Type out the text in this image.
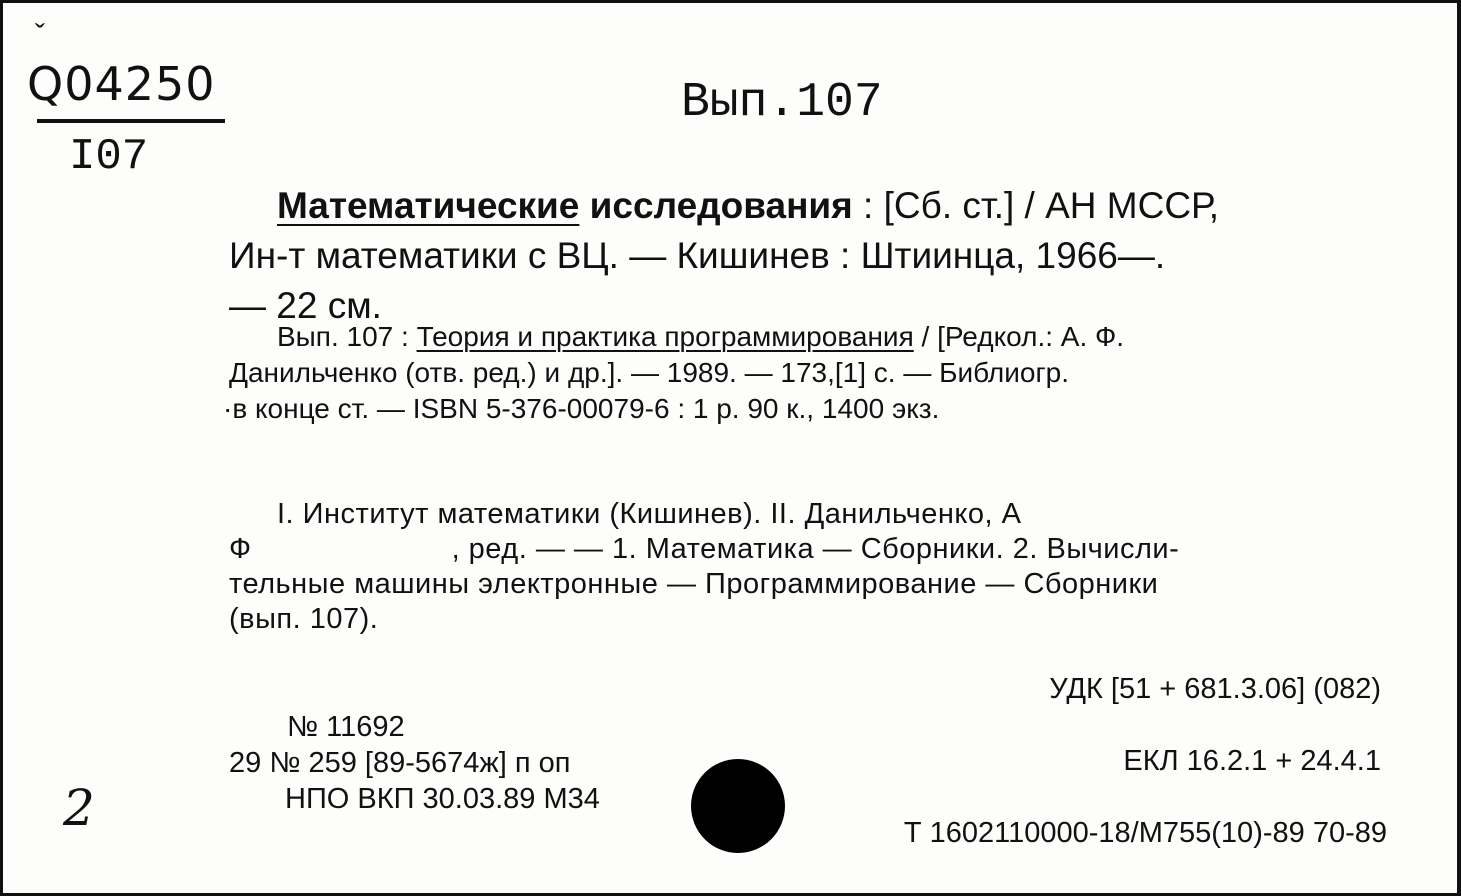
ˇ
Q04250
I07
Вып.107
Математические исследования : [Сб. ст.] / АН МССР,
Ин-т математики с ВЦ. — Кишинев : Штиинца, 1966—.
— 22 см.
Вып. 107 : Теория и практика программирования / [Редкол.: А. Ф.
Данильченко (отв. ред.) и др.]. — 1989. — 173,[1] с. — Библиогр.
·в конце ст. — ISBN 5-376-00079-6 : 1 р. 90 к., 1400 экз.
I. Институт математики (Кишинев). II. Данильченко, А
Ф	, ред. — — 1. Математика — Сборники. 2. Вычисли-
тельные машины электронные — Программирование — Сборники
(вып. 107).
УДК [51 + 681.3.06] (082)
ЕКЛ 16.2.1 + 24.4.1
Т 1602110000-18/М755(10)-89 70-89
№ 11692
29 № 259 [89-5674ж] п оп
НПО ВКП 30.03.89 М34
2
